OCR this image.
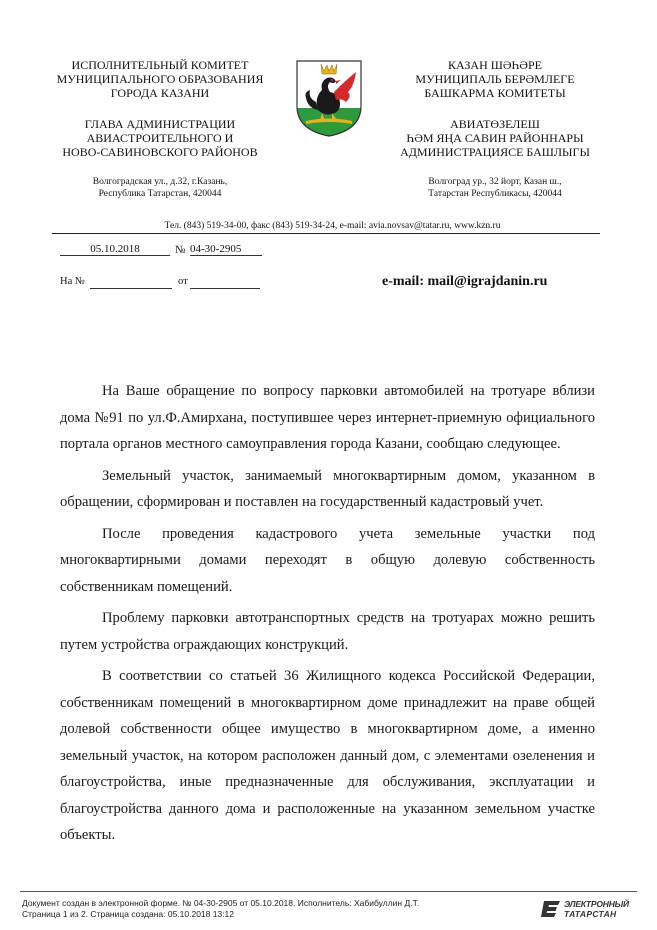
ИСПОЛНИТЕЛЬНЫЙ КОМИТЕТ
МУНИЦИПАЛЬНОГО ОБРАЗОВАНИЯ
ГОРОДА КАЗАНИ
ГЛАВА АДМИНИСТРАЦИИ
АВИАСТРОИТЕЛЬНОГО И
НОВО-САВИНОВСКОГО РАЙОНОВ
Волгоградская ул., д.32, г.Казань,
Республика Татарстан, 420044
КАЗАН ШӘҺӘРЕ
МУНИЦИПАЛЬ БЕРӘМЛЕГЕ
БАШКАРМА КОМИТЕТЫ
АВИАТӨЗЕЛЕШ
ҺӘМ ЯҢА САВИН РАЙОННАРЫ
АДМИНИСТРАЦИЯСЕ БАШЛЫГЫ
Волгоград ур., 32 йорт, Казан ш.,
Татарстан Республикасы, 420044
Тел. (843) 519-34-00, факс (843) 519-34-24, e-mail: avia.novsav@tatar.ru, www.kzn.ru
05.10.2018	№ 04-30-2905
На №	от	e-mail: mail@igrajdanin.ru

На Ваше обращение по вопросу парковки автомобилей на тротуаре вблизи дома №91 по ул.Ф.Амирхана, поступившее через интернет-приемную официального портала органов местного самоуправления города Казани, сообщаю следующее.

Земельный участок, занимаемый многоквартирным домом, указанном в обращении, сформирован и поставлен на государственный кадастровый учет.

После проведения кадастрового учета земельные участки под многоквартирными домами переходят в общую долевую собственность собственникам помещений.

Проблему парковки автотранспортных средств на тротуарах можно решить путем устройства ограждающих конструкций.

В соответствии со статьей 36 Жилищного кодекса Российской Федерации, собственникам помещений в многоквартирном доме принадлежит на праве общей долевой собственности общее имущество в многоквартирном доме, а именно земельный участок, на котором расположен данный дом, с элементами озеленения и благоустройства, иные предназначенные для обслуживания, эксплуатации и благоустройства данного дома и расположенные на указанном земельном участке объекты.

Документ создан в электронной форме. № 04-30-2905 от 05.10.2018. Исполнитель: Хабибуллин Д.Т.
Страница 1 из 2. Страница создана: 05.10.2018 13:12
ЭЛЕКТРОННЫЙ
ТАТАРСТАН
